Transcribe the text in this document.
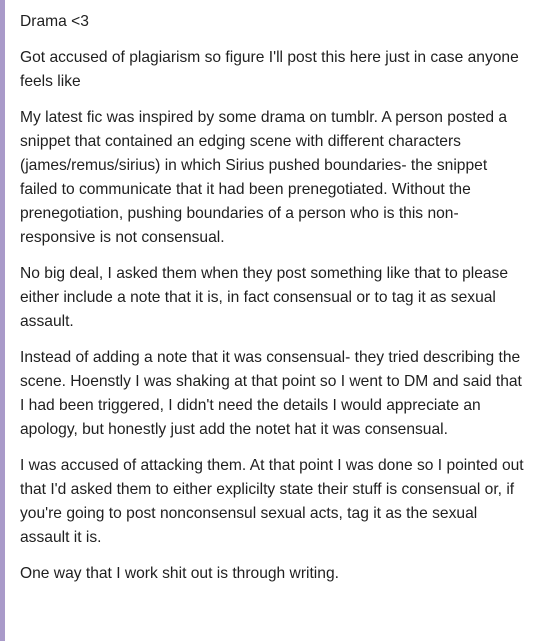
Drama <3

Got accused of plagiarism so figure I'll post this here just in case anyone feels like

My latest fic was inspired by some drama on tumblr. A person posted a snippet that contained an edging scene with different characters (james/remus/sirius) in which Sirius pushed boundaries- the snippet failed to communicate that it had been prenegotiated. Without the prenegotiation, pushing boundaries of a person who is this non-responsive is not consensual.

No big deal, I asked them when they post something like that to please either include a note that it is, in fact consensual or to tag it as sexual assault.

Instead of adding a note that it was consensual- they tried describing the scene. Hoenstly I was shaking at that point so I went to DM and said that I had been triggered, I didn't need the details I would appreciate an apology, but honestly just add the notet hat it was consensual.

I was accused of attacking them. At that point I was done so I pointed out that I'd asked them to either explicilty state their stuff is consensual or, if you're going to post nonconsensul sexual acts, tag it as the sexual assault it is.

One way that I work shit out is through writing.
